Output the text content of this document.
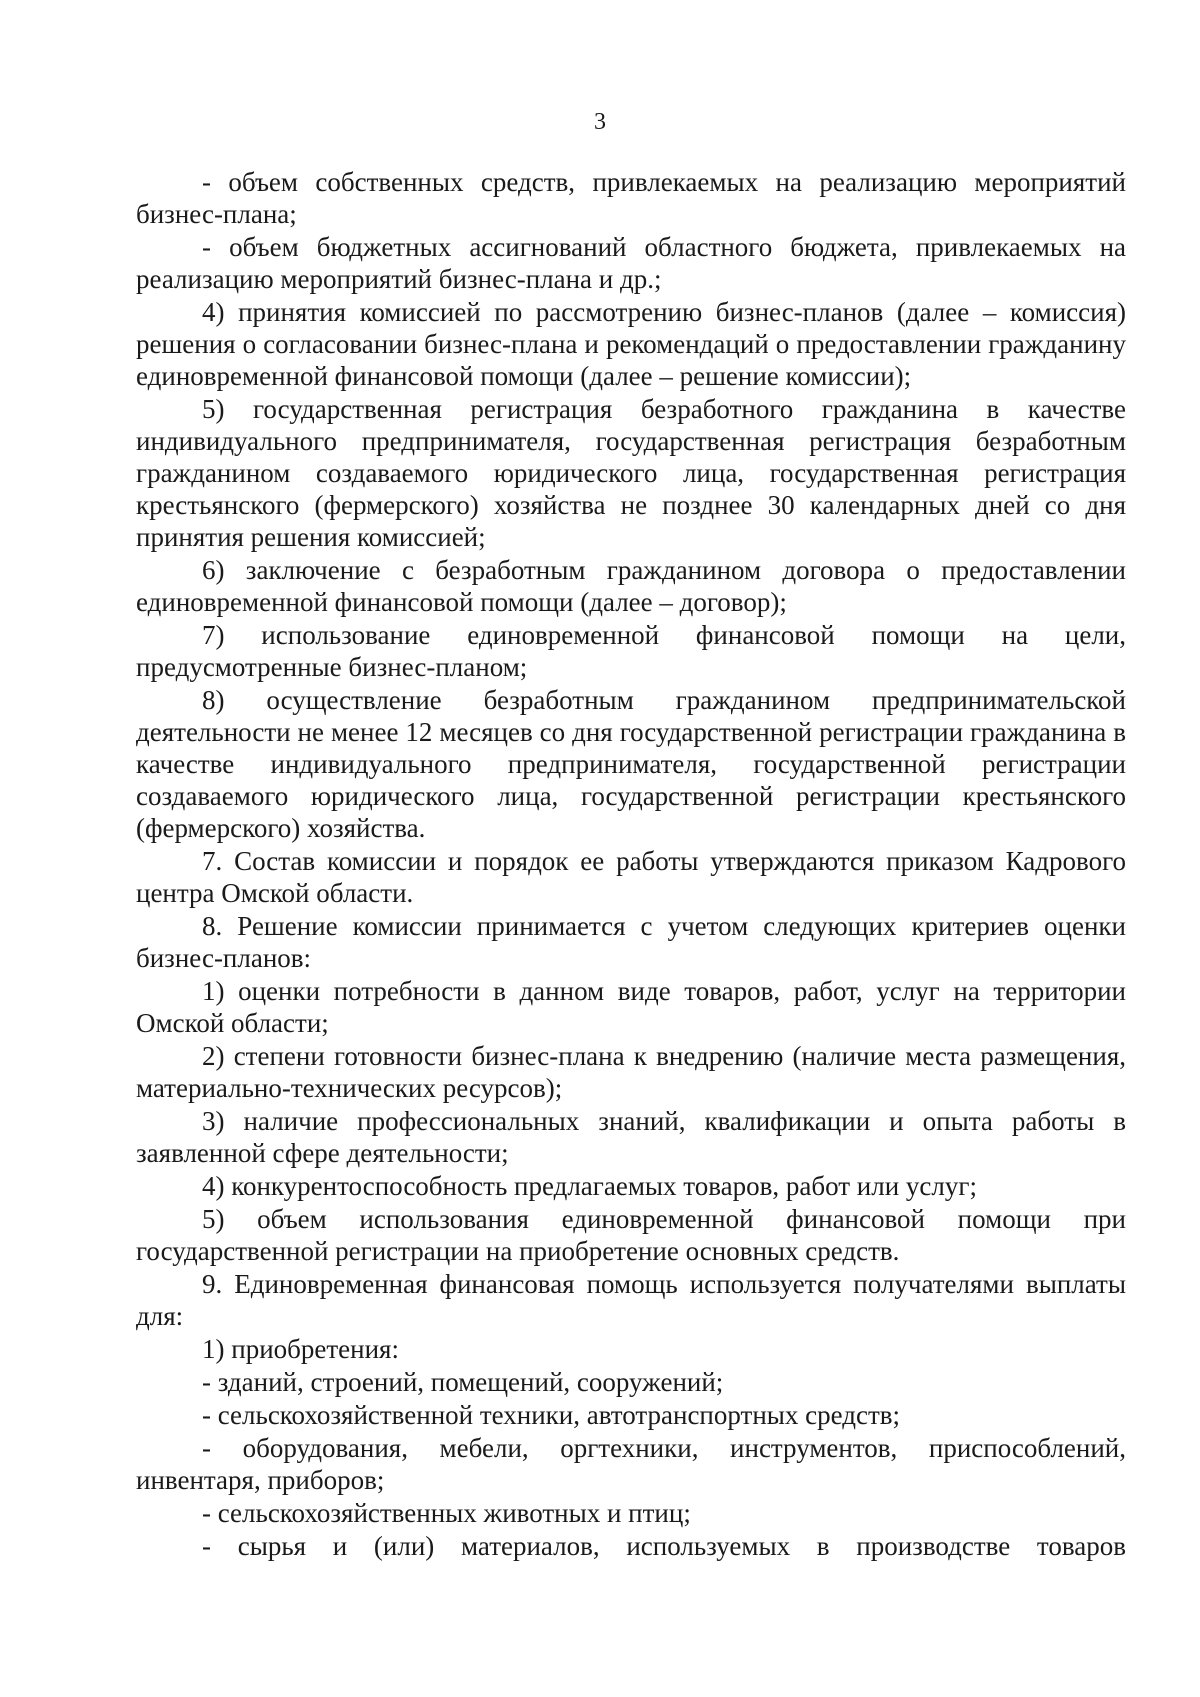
3

- объем собственных средств, привлекаемых на реализацию мероприятий бизнес-плана;

- объем бюджетных ассигнований областного бюджета, привлекаемых на реализацию мероприятий бизнес-плана и др.;

4) принятия комиссией по рассмотрению бизнес-планов (далее – комиссия) решения о согласовании бизнес-плана и рекомендаций о предоставлении гражданину единовременной финансовой помощи (далее – решение комиссии);

5) государственная регистрация безработного гражданина в качестве индивидуального предпринимателя, государственная регистрация безработным гражданином создаваемого юридического лица, государственная регистрация крестьянского (фермерского) хозяйства не позднее 30 календарных дней со дня принятия решения комиссией;

6) заключение с безработным гражданином договора о предоставлении единовременной финансовой помощи (далее – договор);

7) использование единовременной финансовой помощи на цели, предусмотренные бизнес-планом;

8) осуществление безработным гражданином предпринимательской деятельности не менее 12 месяцев со дня государственной регистрации гражданина в качестве индивидуального предпринимателя, государственной регистрации создаваемого юридического лица, государственной регистрации крестьянского (фермерского) хозяйства.

7. Состав комиссии и порядок ее работы утверждаются приказом Кадрового центра Омской области.

8. Решение комиссии принимается с учетом следующих критериев оценки бизнес-планов:

1) оценки потребности в данном виде товаров, работ, услуг на территории Омской области;

2) степени готовности бизнес-плана к внедрению (наличие места размещения, материально-технических ресурсов);

3) наличие профессиональных знаний, квалификации и опыта работы в заявленной сфере деятельности;

4) конкурентоспособность предлагаемых товаров, работ или услуг;

5) объем использования единовременной финансовой помощи при государственной регистрации на приобретение основных средств.

9. Единовременная финансовая помощь используется получателями выплаты для:

1) приобретения:

- зданий, строений, помещений, сооружений;

- сельскохозяйственной техники, автотранспортных средств;

- оборудования, мебели, оргтехники, инструментов, приспособлений, инвентаря, приборов;

- сельскохозяйственных животных и птиц;

- сырья и (или) материалов, используемых в производстве товаров
